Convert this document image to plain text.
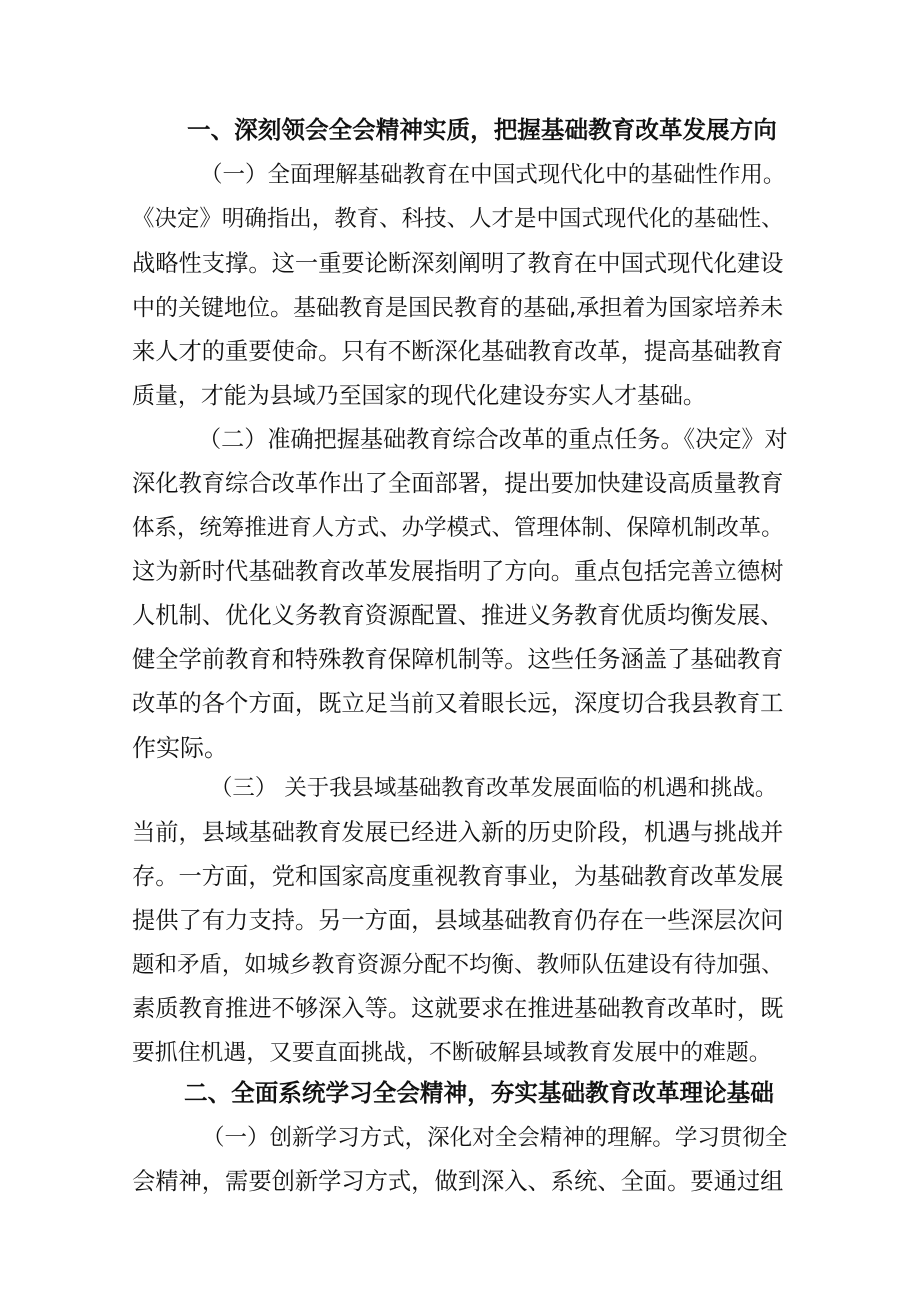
一、深刻领会全会精神实质，把握基础教育改革发展方向
（一）全面理解基础教育在中国式现代化中的基础性作用。
《决定》明确指出，教育、科技、人才是中国式现代化的基础性、
战略性支撑。这一重要论断深刻阐明了教育在中国式现代化建设
中的关键地位。基础教育是国民教育的基础,承担着为国家培养未
来人才的重要使命。只有不断深化基础教育改革，提高基础教育
质量，才能为县域乃至国家的现代化建设夯实人才基础。
（二）准确把握基础教育综合改革的重点任务。《决定》对
深化教育综合改革作出了全面部署，提出要加快建设高质量教育
体系，统筹推进育人方式、办学模式、管理体制、保障机制改革。
这为新时代基础教育改革发展指明了方向。重点包括完善立德树
人机制、优化义务教育资源配置、推进义务教育优质均衡发展、
健全学前教育和特殊教育保障机制等。这些任务涵盖了基础教育
改革的各个方面，既立足当前又着眼长远，深度切合我县教育工
作实际。
（三） 关于我县域基础教育改革发展面临的机遇和挑战。
当前，县域基础教育发展已经进入新的历史阶段，机遇与挑战并
存。一方面，党和国家高度重视教育事业，为基础教育改革发展
提供了有力支持。另一方面，县域基础教育仍存在一些深层次问
题和矛盾，如城乡教育资源分配不均衡、教师队伍建设有待加强、
素质教育推进不够深入等。这就要求在推进基础教育改革时，既
要抓住机遇，又要直面挑战，不断破解县域教育发展中的难题。
二、全面系统学习全会精神，夯实基础教育改革理论基础
（一）创新学习方式，深化对全会精神的理解。学习贯彻全
会精神，需要创新学习方式，做到深入、系统、全面。要通过组
